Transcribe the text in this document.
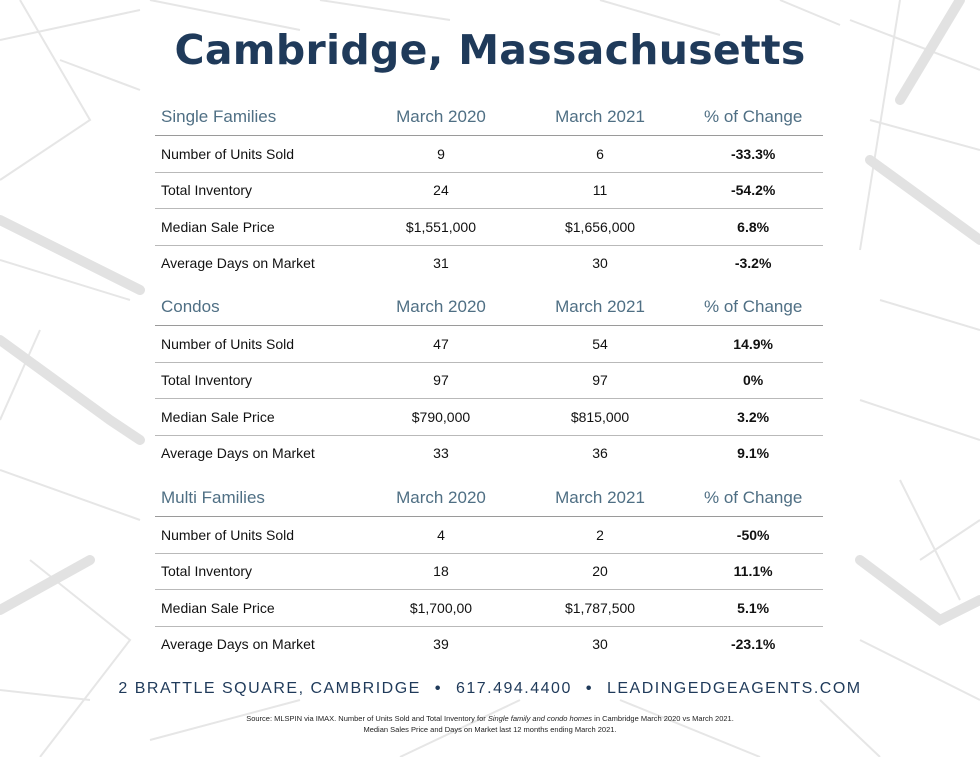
Cambridge, Massachusetts
Single Families	March 2020	March 2021	% of Change
Number of Units Sold	9	6	-33.3%
Total Inventory	24	11	-54.2%
Median Sale Price	$1,551,000	$1,656,000	6.8%
Average Days on Market	31	30	-3.2%
Condos	March 2020	March 2021	% of Change
Number of Units Sold	47	54	14.9%
Total Inventory	97	97	0%
Median Sale Price	$790,000	$815,000	3.2%
Average Days on Market	33	36	9.1%
Multi Families	March 2020	March 2021	% of Change
Number of Units Sold	4	2	-50%
Total Inventory	18	20	11.1%
Median Sale Price	$1,700,00	$1,787,500	5.1%
Average Days on Market	39	30	-23.1%
2 BRATTLE SQUARE, CAMBRIDGE • 617.494.4400 • LEADINGEDGEAGENTS.COM
Source: MLSPIN via IMAX. Number of Units Sold and Total Inventory for Single family and condo homes in Cambridge March 2020 vs March 2021.
Median Sales Price and Days on Market last 12 months ending March 2021.
